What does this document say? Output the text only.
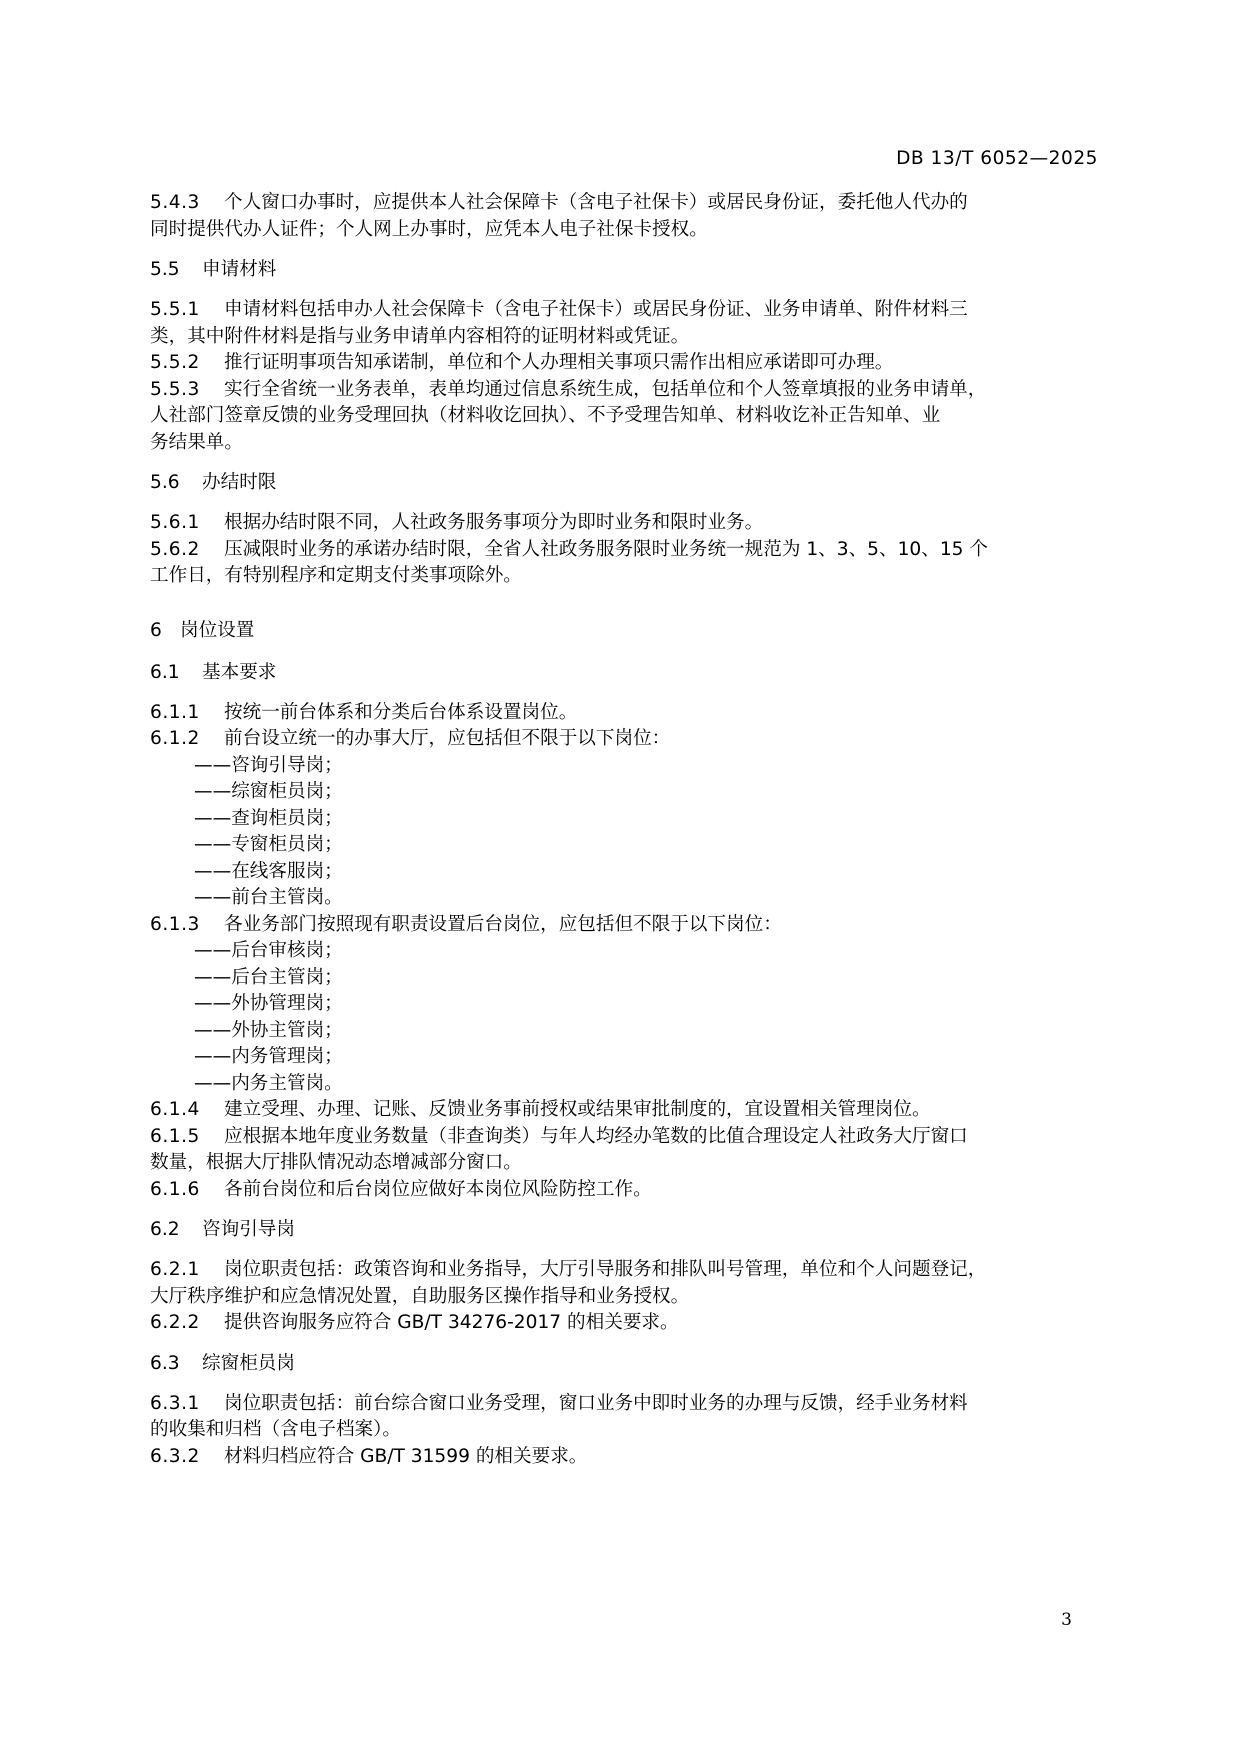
DB 13/T 6052—2025

5.4.3 个人窗口办事时，应提供本人社会保障卡（含电子社保卡）或居民身份证，委托他人代办的

同时提供代办人证件；个人网上办事时，应凭本人电子社保卡授权。

5.5 申请材料

5.5.1 申请材料包括申办人社会保障卡（含电子社保卡）或居民身份证、业务申请单、附件材料三

类，其中附件材料是指与业务申请单内容相符的证明材料或凭证。

5.5.2 推行证明事项告知承诺制，单位和个人办理相关事项只需作出相应承诺即可办理。

5.5.3 实行全省统一业务表单，表单均通过信息系统生成，包括单位和个人签章填报的业务申请单，

人社部门签章反馈的业务受理回执（材料收讫回执）、不予受理告知单、材料收讫补正告知单、业

务结果单。

5.6 办结时限

5.6.1 根据办结时限不同，人社政务服务事项分为即时业务和限时业务。

5.6.2 压减限时业务的承诺办结时限，全省人社政务服务限时业务统一规范为 1、3、5、10、15 个

工作日，有特别程序和定期支付类事项除外。

6 岗位设置

6.1 基本要求

6.1.1 按统一前台体系和分类后台体系设置岗位。

6.1.2 前台设立统一的办事大厅，应包括但不限于以下岗位：

——咨询引导岗；

——综窗柜员岗；

——查询柜员岗；

——专窗柜员岗；

——在线客服岗；

——前台主管岗。

6.1.3 各业务部门按照现有职责设置后台岗位，应包括但不限于以下岗位：

——后台审核岗；

——后台主管岗；

——外协管理岗；

——外协主管岗；

——内务管理岗；

——内务主管岗。

6.1.4 建立受理、办理、记账、反馈业务事前授权或结果审批制度的，宜设置相关管理岗位。

6.1.5 应根据本地年度业务数量（非查询类）与年人均经办笔数的比值合理设定人社政务大厅窗口

数量，根据大厅排队情况动态增减部分窗口。

6.1.6 各前台岗位和后台岗位应做好本岗位风险防控工作。

6.2 咨询引导岗

6.2.1 岗位职责包括：政策咨询和业务指导，大厅引导服务和排队叫号管理，单位和个人问题登记，

大厅秩序维护和应急情况处置，自助服务区操作指导和业务授权。

6.2.2 提供咨询服务应符合 GB/T 34276-2017 的相关要求。

6.3 综窗柜员岗

6.3.1 岗位职责包括：前台综合窗口业务受理，窗口业务中即时业务的办理与反馈，经手业务材料

的收集和归档（含电子档案）。

6.3.2 材料归档应符合 GB/T 31599 的相关要求。

3
